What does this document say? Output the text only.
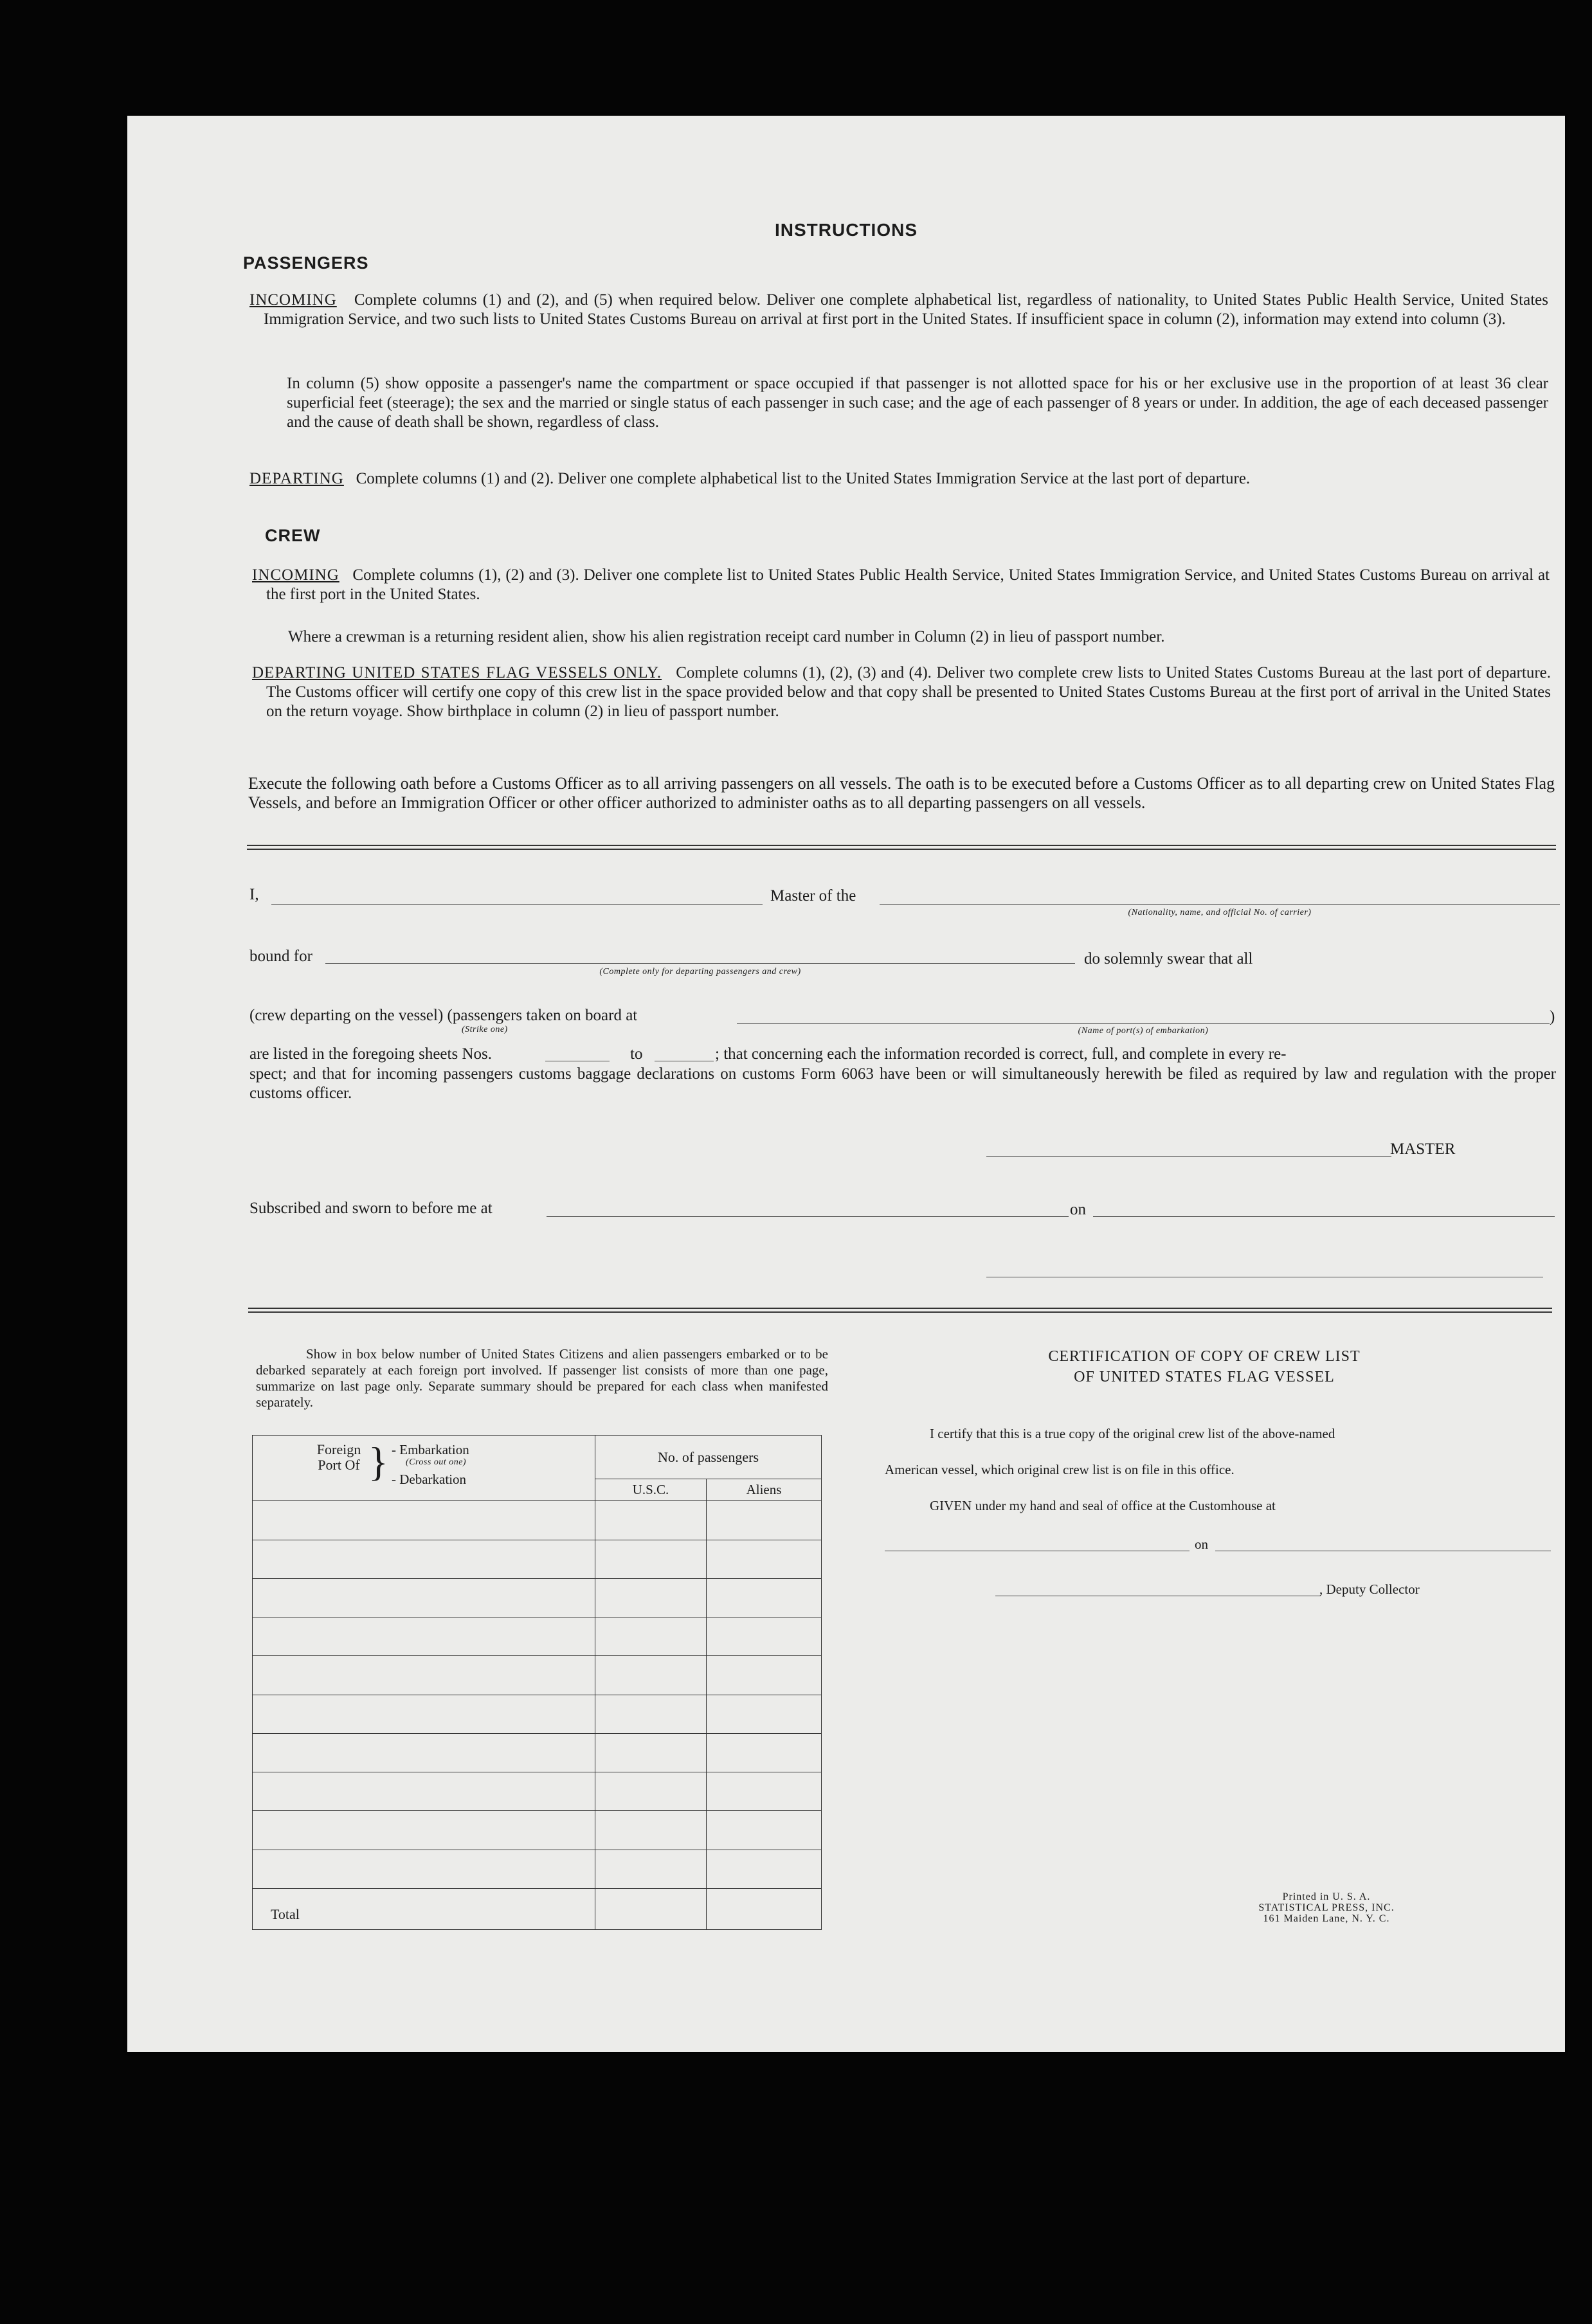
INSTRUCTIONS
PASSENGERS
INCOMING Complete columns (1) and (2), and (5) when required below. Deliver one complete alphabetical list, regardless of nationality, to United States Public Health Service, United States Immigration Service, and two such lists to United States Customs Bureau on arrival at first port in the United States. If insufficient space in column (2), information may extend into column (3).
In column (5) show opposite a passenger's name the compartment or space occupied if that passenger is not allotted space for his or her exclusive use in the proportion of at least 36 clear superficial feet (steerage); the sex and the married or single status of each passenger in such case; and the age of each passenger of 8 years or under. In addition, the age of each deceased passenger and the cause of death shall be shown, regardless of class.
DEPARTING Complete columns (1) and (2). Deliver one complete alphabetical list to the United States Immigration Service at the last port of departure.
CREW
INCOMING Complete columns (1), (2) and (3). Deliver one complete list to United States Public Health Service, United States Immigration Service, and United States Customs Bureau on arrival at the first port in the United States.
Where a crewman is a returning resident alien, show his alien registration receipt card number in Column (2) in lieu of passport number.
DEPARTING UNITED STATES FLAG VESSELS ONLY. Complete columns (1), (2), (3) and (4). Deliver two complete crew lists to United States Customs Bureau at the last port of departure. The Customs officer will certify one copy of this crew list in the space provided below and that copy shall be presented to United States Customs Bureau at the first port of arrival in the United States on the return voyage. Show birthplace in column (2) in lieu of passport number.
Execute the following oath before a Customs Officer as to all arriving passengers on all vessels. The oath is to be executed before a Customs Officer as to all departing crew on United States Flag Vessels, and before an Immigration Officer or other officer authorized to administer oaths as to all departing passengers on all vessels.
I,	Master of the
(Nationality, name, and official No. of carrier)
bound for
(Complete only for departing passengers and crew)
do solemnly swear that all
(crew departing on the vessel) (passengers taken on board at
(Strike one)	(Name of port(s) of embarkation)
)
are listed in the foregoing sheets Nos.	to	; that concerning each the information recorded is correct, full, and complete in every re-
spect; and that for incoming passengers customs baggage declarations on customs Form 6063 have been or will simultaneously herewith be filed as required by law and regulation with the proper customs officer.
MASTER
Subscribed and sworn to before me at	on
Show in box below number of United States Citizens and alien passengers embarked or to be debarked separately at each foreign port involved. If passenger list consists of more than one page, summarize on last page only. Separate summary should be prepared for each class when manifested separately.
Foreign Port Of } - Embarkation
(Cross out one)
- Debarkation	No. of passengers	
	U.S.C.	Aliens

Total		
CERTIFICATION OF COPY OF CREW LIST
OF UNITED STATES FLAG VESSEL
I certify that this is a true copy of the original crew list of the above-named
American vessel, which original crew list is on file in this office.
GIVEN under my hand and seal of office at the Customhouse at
on
, Deputy Collector
Printed in U. S. A.
STATISTICAL PRESS, INC.
161 Maiden Lane, N. Y. C.
